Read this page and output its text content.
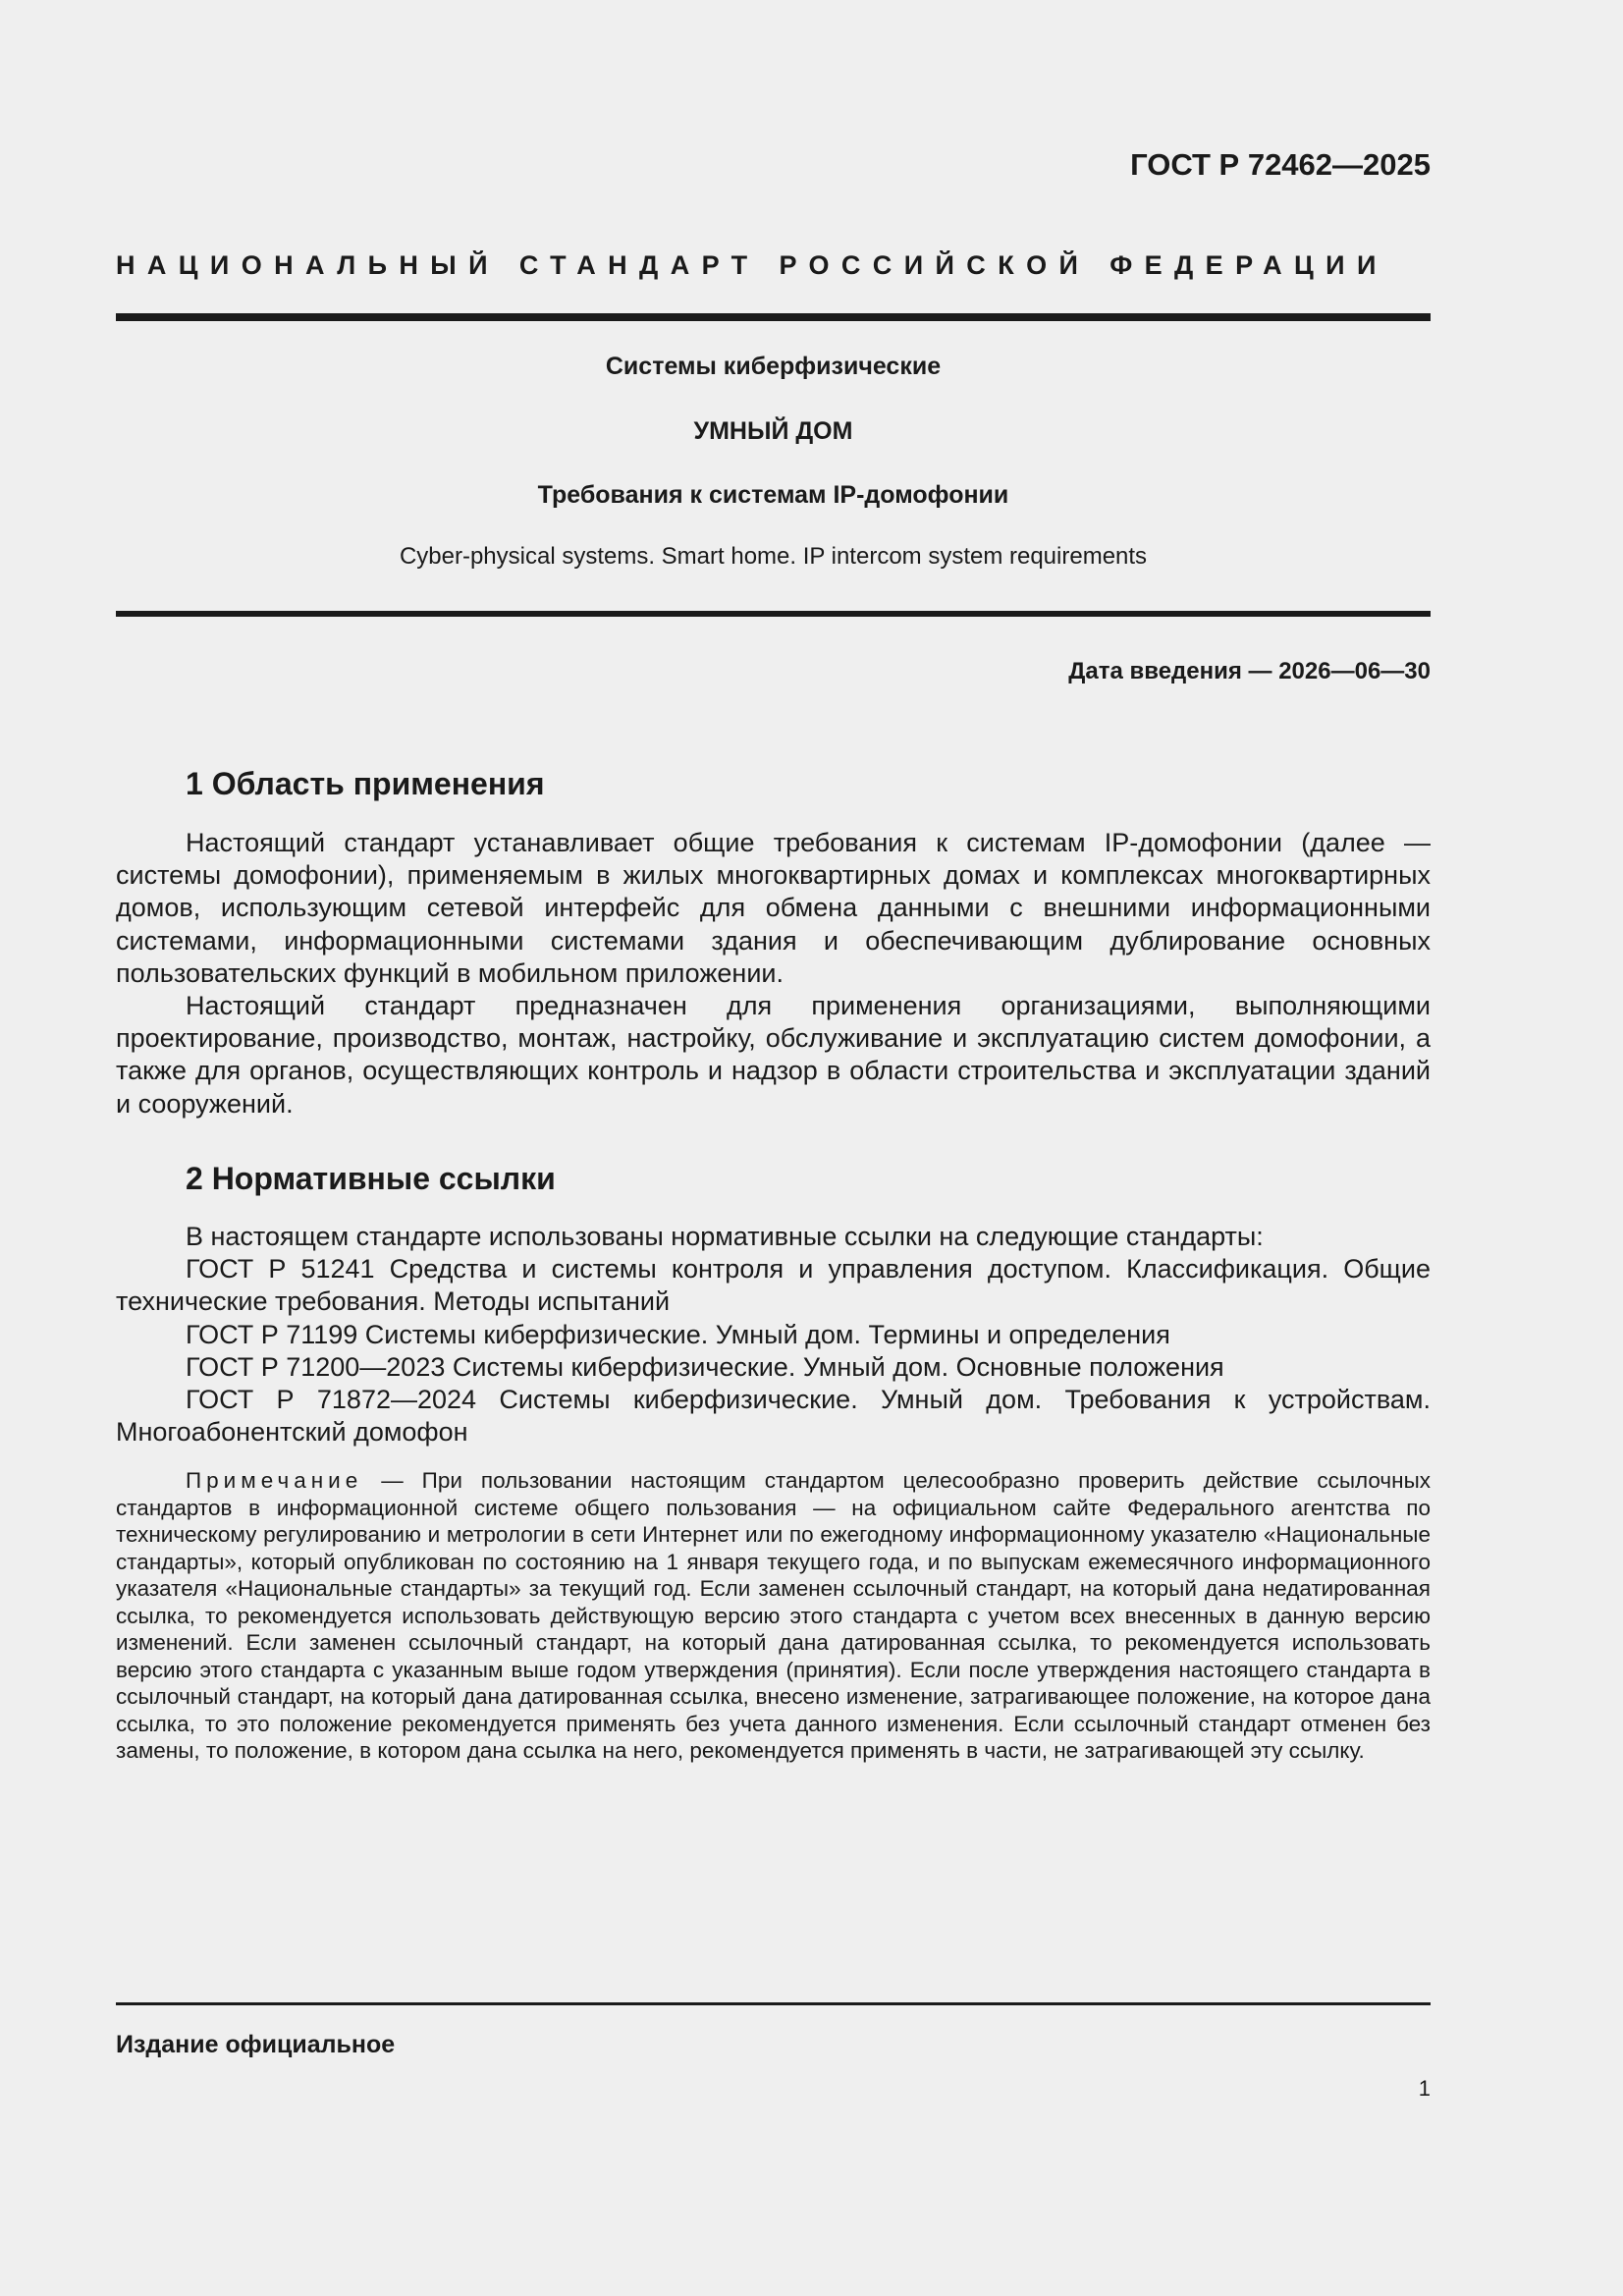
ГОСТ Р 72462—2025
НАЦИОНАЛЬНЫЙ СТАНДАРТ РОССИЙСКОЙ ФЕДЕРАЦИИ
Системы киберфизические
УМНЫЙ ДОМ
Требования к системам IP-домофонии
Cyber-physical systems. Smart home. IP intercom system requirements
Дата введения — 2026—06—30
1 Область применения

Настоящий стандарт устанавливает общие требования к системам IP-домофонии (далее — системы домофонии), применяемым в жилых многоквартирных домах и комплексах многоквартирных домов, использующим сетевой интерфейс для обмена данными с внешними информационными системами, информационными системами здания и обеспечивающим дублирование основных пользовательских функций в мобильном приложении.

Настоящий стандарт предназначен для применения организациями, выполняющими проектирование, производство, монтаж, настройку, обслуживание и эксплуатацию систем домофонии, а также для органов, осуществляющих контроль и надзор в области строительства и эксплуатации зданий и сооружений.

2 Нормативные ссылки

В настоящем стандарте использованы нормативные ссылки на следующие стандарты:

ГОСТ Р 51241 Средства и системы контроля и управления доступом. Классификация. Общие технические требования. Методы испытаний

ГОСТ Р 71199 Системы киберфизические. Умный дом. Термины и определения

ГОСТ Р 71200—2023 Системы киберфизические. Умный дом. Основные положения

ГОСТ Р 71872—2024 Системы киберфизические. Умный дом. Требования к устройствам. Многоабонентский домофон

Примечание — При пользовании настоящим стандартом целесообразно проверить действие ссылочных стандартов в информационной системе общего пользования — на официальном сайте Федерального агентства по техническому регулированию и метрологии в сети Интернет или по ежегодному информационному указателю «Национальные стандарты», который опубликован по состоянию на 1 января текущего года, и по выпускам ежемесячного информационного указателя «Национальные стандарты» за текущий год. Если заменен ссылочный стандарт, на который дана недатированная ссылка, то рекомендуется использовать действующую версию этого стандарта с учетом всех внесенных в данную версию изменений. Если заменен ссылочный стандарт, на который дана датированная ссылка, то рекомендуется использовать версию этого стандарта с указанным выше годом утверждения (принятия). Если после утверждения настоящего стандарта в ссылочный стандарт, на который дана датированная ссылка, внесено изменение, затрагивающее положение, на которое дана ссылка, то это положение рекомендуется применять без учета данного изменения. Если ссылочный стандарт отменен без замены, то положение, в котором дана ссылка на него, рекомендуется применять в части, не затрагивающей эту ссылку.

Издание официальное
1
